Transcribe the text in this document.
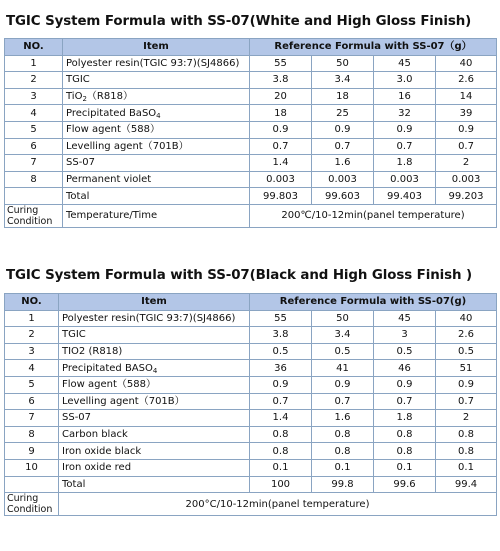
TGIC System Formula with SS-07(White and High Gloss Finish)
NO.	Item	Reference Formula with SS-07（g）			
1	Polyester resin(TGIC 93:7)(SJ4866)	55	50	45	40
2	TGIC	3.8	3.4	3.0	2.6
3	TiO$_2$（R818）	20	18	16	14
4	Precipitated BaSO$_4$	18	25	32	39
5	Flow agent（588）	0.9	0.9	0.9	0.9
6	Levelling agent（701B）	0.7	0.7	0.7	0.7
7	SS-07	1.4	1.6	1.8	2
8	Permanent violet	0.003	0.003	0.003	0.003
	Total	99.803	99.603	99.403	99.203
Curing Condition	Temperature/Time	200℃/10-12min(panel temperature)			
TGIC System Formula with SS-07(Black and High Gloss Finish )
NO.	Item	Reference Formula with SS-07(g)			
1	Polyester resin(TGIC 93:7)(SJ4866)	55	50	45	40
2	TGIC	3.8	3.4	3	2.6
3	TIO2 (R818)	0.5	0.5	0.5	0.5
4	Precipitated $BASO_4$	36	41	46	51
5	Flow agent（588）	0.9	0.9	0.9	0.9
6	Levelling agent（701B）	0.7	0.7	0.7	0.7
7	SS-07	1.4	1.6	1.8	2
8	Carbon black	0.8	0.8	0.8	0.8
9	Iron oxide black	0.8	0.8	0.8	0.8
10	Iron oxide red	0.1	0.1	0.1	0.1
	Total	100	99.8	99.6	99.4
Curing Condition	200°C/10-12min(panel temperature)				
